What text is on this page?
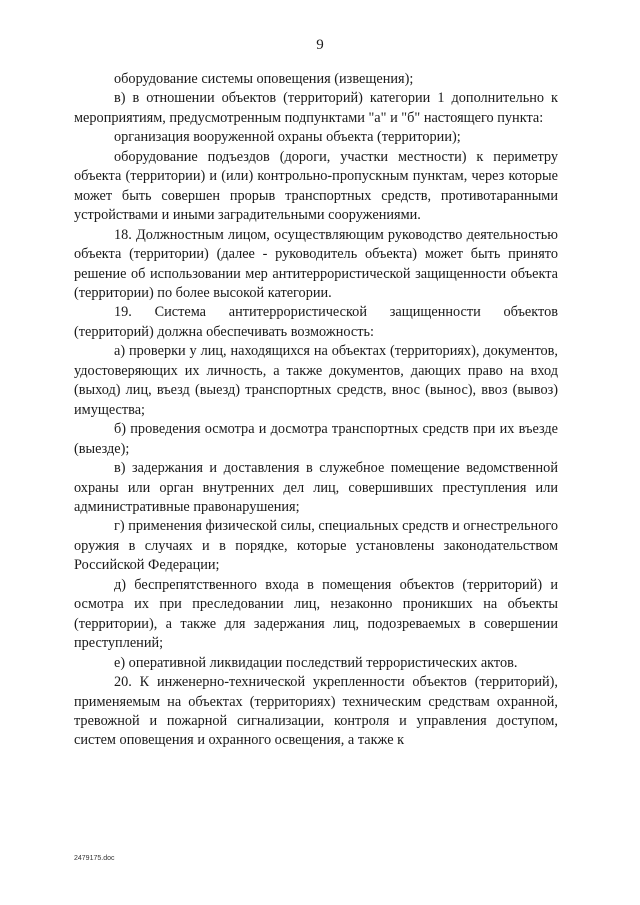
9

оборудование системы оповещения (извещения);

в) в отношении объектов (территорий) категории 1 дополнительно к мероприятиям, предусмотренным подпунктами "а" и "б" настоящего пункта:

организация вооруженной охраны объекта (территории);

оборудование подъездов (дороги, участки местности) к периметру объекта (территории) и (или) контрольно-пропускным пунктам, через которые может быть совершен прорыв транспортных средств, противотаранными устройствами и иными заградительными сооружениями.

18. Должностным лицом, осуществляющим руководство деятельностью объекта (территории) (далее - руководитель объекта) может быть принято решение об использовании мер антитеррористической защищенности объекта (территории) по более высокой категории.

19. Система антитеррористической защищенности объектов (территорий) должна обеспечивать возможность:

а) проверки у лиц, находящихся на объектах (территориях), документов, удостоверяющих их личность, а также документов, дающих право на вход (выход) лиц, въезд (выезд) транспортных средств, внос (вынос), ввоз (вывоз) имущества;

б) проведения осмотра и досмотра транспортных средств при их въезде (выезде);

в) задержания и доставления в служебное помещение ведомственной охраны или орган внутренних дел лиц, совершивших преступления или административные правонарушения;

г) применения физической силы, специальных средств и огнестрельного оружия в случаях и в порядке, которые установлены законодательством Российской Федерации;

д) беспрепятственного входа в помещения объектов (территорий) и осмотра их при преследовании лиц, незаконно проникших на объекты (территории), а также для задержания лиц, подозреваемых в совершении преступлений;

е) оперативной ликвидации последствий террористических актов.

20. К инженерно-технической укрепленности объектов (территорий), применяемым на объектах (территориях) техническим средствам охранной, тревожной и пожарной сигнализации, контроля и управления доступом, систем оповещения и охранного освещения, а также к

2479175.doc
